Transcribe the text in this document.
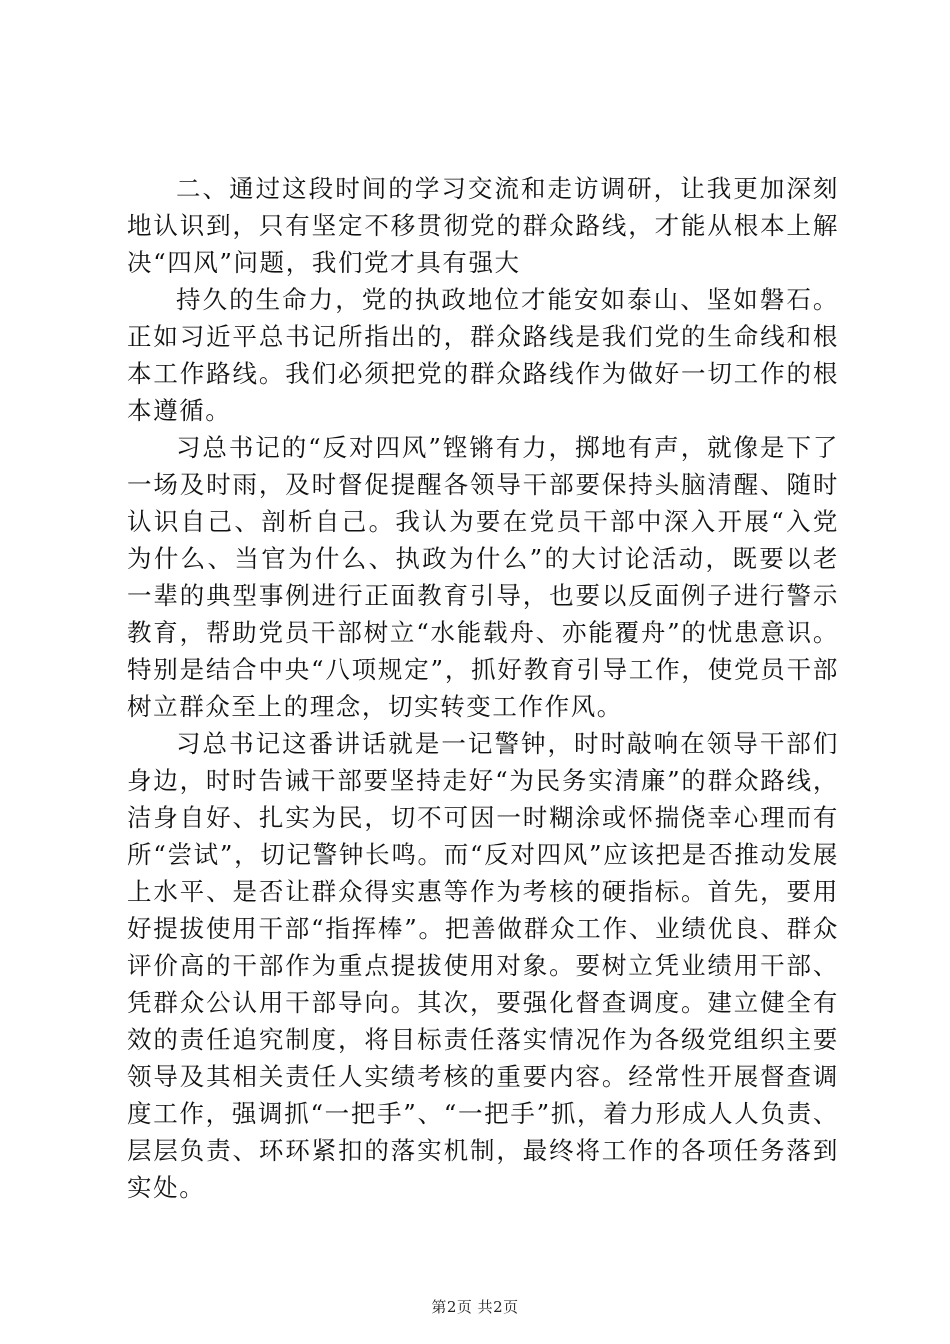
二、通过这段时间的学习交流和走访调研，让我更加深刻地认识到，只有坚定不移贯彻党的群众路线，才能从根本上解决“四风”问题，我们党才具有强大

持久的生命力，党的执政地位才能安如泰山、坚如磐石。正如习近平总书记所指出的，群众路线是我们党的生命线和根本工作路线。我们必须把党的群众路线作为做好一切工作的根本遵循。

习总书记的“反对四风”铿锵有力，掷地有声，就像是下了一场及时雨，及时督促提醒各领导干部要保持头脑清醒、随时认识自己、剖析自己。我认为要在党员干部中深入开展“入党为什么、当官为什么、执政为什么”的大讨论活动，既要以老一辈的典型事例进行正面教育引导，也要以反面例子进行警示教育，帮助党员干部树立“水能载舟、亦能覆舟”的忧患意识。特别是结合中央“八项规定”，抓好教育引导工作，使党员干部树立群众至上的理念，切实转变工作作风。

习总书记这番讲话就是一记警钟，时时敲响在领导干部们身边，时时告诫干部要坚持走好“为民务实清廉”的群众路线，洁身自好、扎实为民，切不可因一时糊涂或怀揣侥幸心理而有所“尝试”，切记警钟长鸣。而“反对四风”应该把是否推动发展上水平、是否让群众得实惠等作为考核的硬指标。首先，要用好提拔使用干部“指挥棒”。把善做群众工作、业绩优良、群众评价高的干部作为重点提拔使用对象。要树立凭业绩用干部、凭群众公认用干部导向。其次，要强化督查调度。建立健全有效的责任追究制度，将目标责任落实情况作为各级党组织主要领导及其相关责任人实绩考核的重要内容。经常性开展督查调度工作，强调抓“一把手”、“一把手”抓，着力形成人人负责、层层负责、环环紧扣的落实机制，最终将工作的各项任务落到实处。

第2页 共2页
